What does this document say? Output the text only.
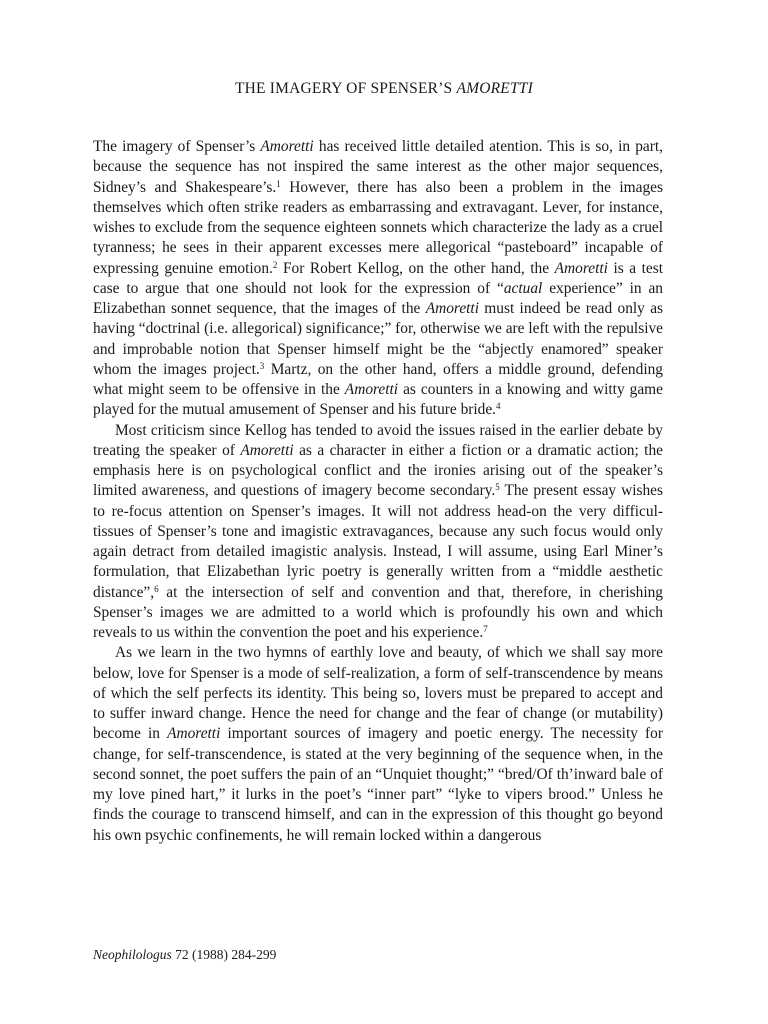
THE IMAGERY OF SPENSER’S AMORETTI

The imagery of Spenser’s Amoretti has received little detailed atention. This is so, in part, because the sequence has not inspired the same interest as the other major sequences, Sidney’s and Shakespeare’s.$^1$ However, there has also been a problem in the images themselves which often strike readers as embarrassing and extravagant. Lever, for instance, wishes to exclude from the sequence eighteen sonnets which characterize the lady as a cruel tyranness; he sees in their apparent excesses mere allegorical “pasteboard” incapable of expressing genuine emotion.$^2$ For Robert Kellog, on the other hand, the Amoretti is a test case to argue that one should not look for the expression of “actual experience” in an Elizabethan sonnet sequence, that the images of the Amoretti must indeed be read only as having “doctrinal (i.e. allegorical) significance;” for, otherwise we are left with the repulsive and improbable notion that Spenser himself might be the “abjectly enamored” speaker whom the images project.$^3$ Martz, on the other hand, offers a middle ground, defending what might seem to be offensive in the Amoretti as counters in a knowing and witty game played for the mutual amusement of Spenser and his future bride.$^4$

Most criticism since Kellog has tended to avoid the issues raised in the earlier debate by treating the speaker of Amoretti as a character in either a fiction or a dramatic action; the emphasis here is on psychological conflict and the ironies arising out of the speaker’s limited awareness, and questions of imagery become secondary.$^5$ The present essay wishes to re-focus attention on Spenser’s images. It will not address head-on the very difficul-tissues of Spenser’s tone and imagistic extravagances, because any such focus would only again detract from detailed imagistic analysis. Instead, I will assume, using Earl Miner’s formulation, that Elizabethan lyric poetry is generally written from a “middle aesthetic distance”,$^6$ at the intersection of self and convention and that, therefore, in cherishing Spenser’s images we are admitted to a world which is profoundly his own and which reveals to us within the convention the poet and his experience.$^7$

As we learn in the two hymns of earthly love and beauty, of which we shall say more below, love for Spenser is a mode of self-realization, a form of self-transcendence by means of which the self perfects its identity. This being so, lovers must be prepared to accept and to suffer inward change. Hence the need for change and the fear of change (or mutability) become in Amoretti important sources of imagery and poetic energy. The necessity for change, for self-transcendence, is stated at the very beginning of the sequence when, in the second sonnet, the poet suffers the pain of an “Unquiet thought;” “bred/Of th’inward bale of my love pined hart,” it lurks in the poet’s “inner part” “lyke to vipers brood.” Unless he finds the courage to transcend himself, and can in the expression of this thought go beyond his own psychic confinements, he will remain locked within a dangerous

Neophilologus 72 (1988) 284-299
